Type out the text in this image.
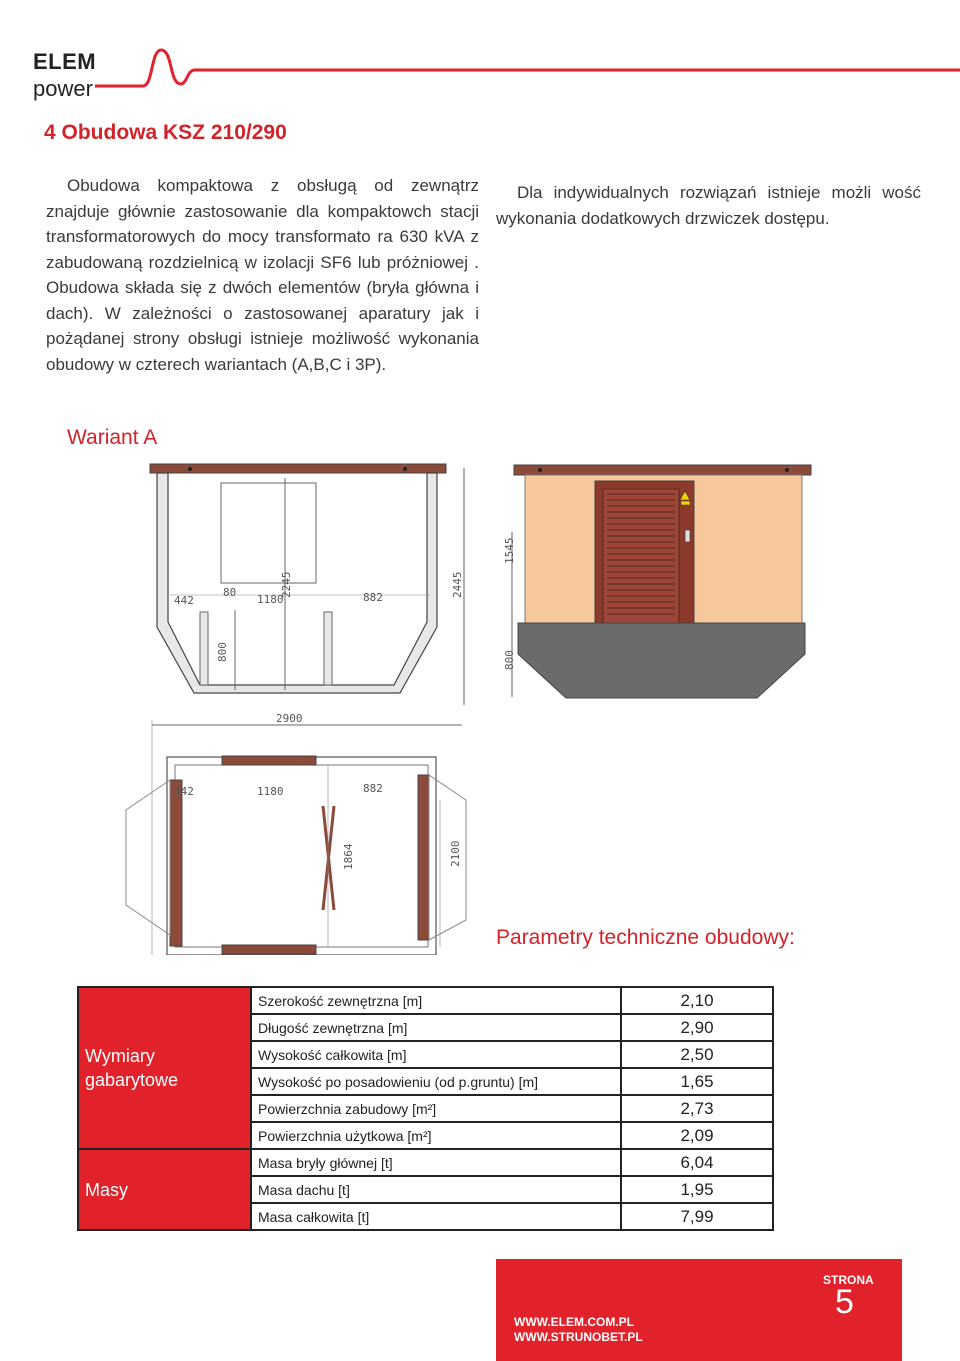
ELEM
power
4 Obudowa KSZ 210/290
Obudowa kompaktowa z obsługą od zewnątrz znajduje głównie zastosowanie dla kompaktowch stacji transformatorowych do mocy transformato ra 630 kVA z zabudowaną rozdzielnicą w izolacji SF6 lub próżniowej . Obudowa składa się z dwóch elementów (bryła główna i dach). W zależności o zastosowanej aparatury jak i pożądanej strony obsługi istnieje możliwość wykonania obudowy w czterech wariantach (A,B,C i 3P).
Dla indywidualnych rozwiązań istnieje możli wość wykonania dodatkowych drzwiczek dostępu.
Wariant A
442
80
1180
2245	882	2445
800
1545
800
2900
442	1180	882
1864	2100
Parametry techniczne obudowy:
Wymiary gabarytowe	Szerokość zewnętrzna [m]	2,10
	Długość zewnętrzna [m]	2,90
	Wysokość całkowita [m]	2,50
	Wysokość po posadowieniu (od p.gruntu) [m]	1,65
	Powierzchnia zabudowy [m²]	2,73
	Powierzchnia użytkowa [m²]	2,09
Masy	Masa bryły głównej [t]	6,04
	Masa dachu [t]	1,95
	Masa całkowita [t]	7,99
WWW.ELEM.COM.PL
WWW.STRUNOBET.PL
STRONA
5
